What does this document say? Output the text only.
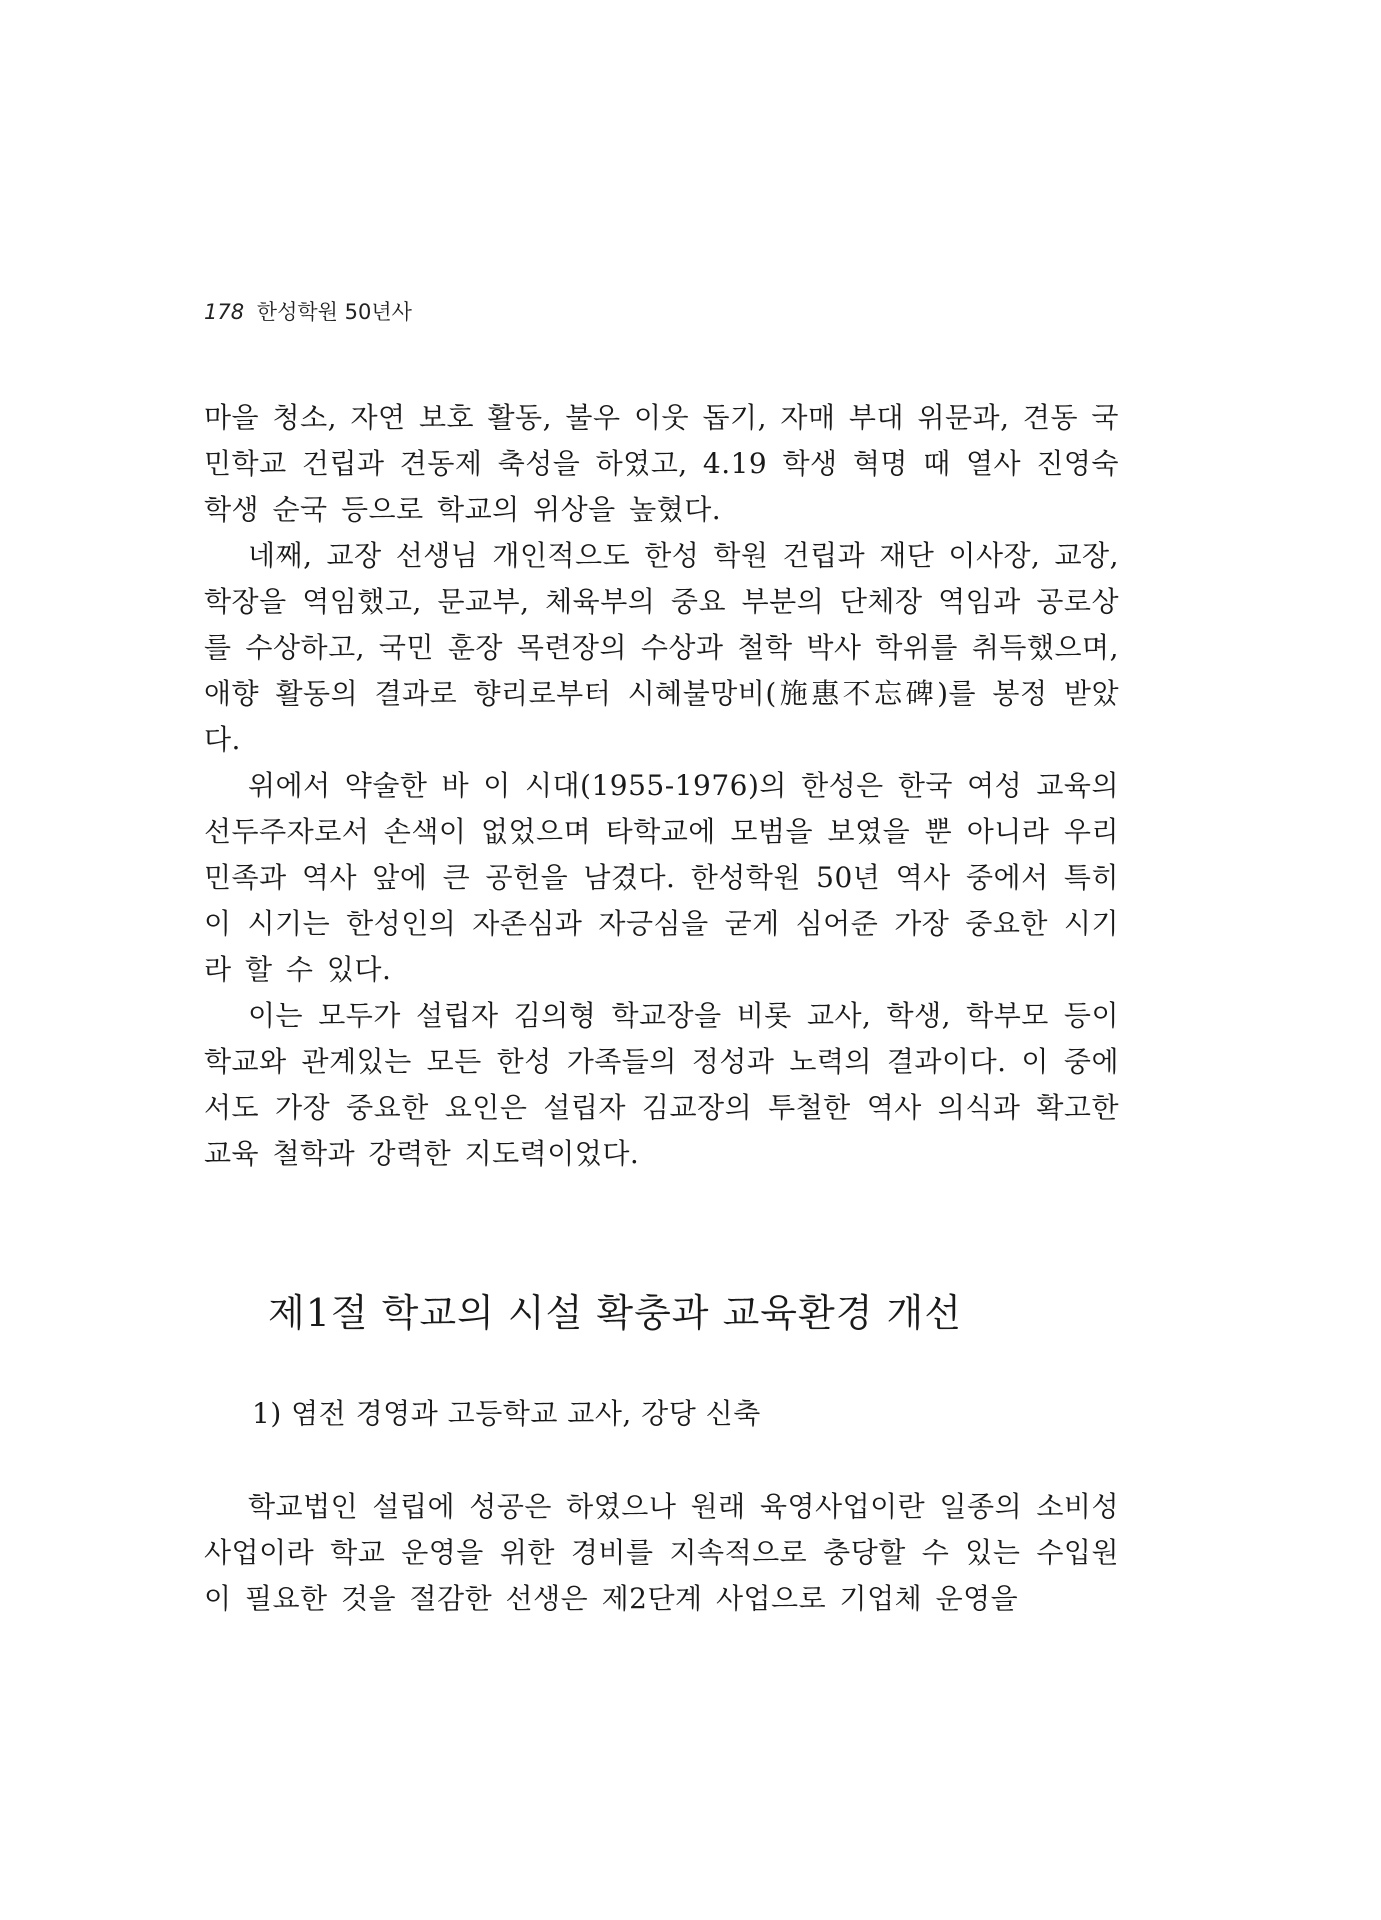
178 한성학원 50년사

마을 청소, 자연 보호 활동, 불우 이웃 돕기, 자매 부대 위문과, 견동 국민학교 건립과 견동제 축성을 하였고, 4.19 학생 혁명 때 열사 진영숙 학생 순국 등으로 학교의 위상을 높혔다.

네째, 교장 선생님 개인적으도 한성 학원 건립과 재단 이사장, 교장, 학장을 역임했고, 문교부, 체육부의 중요 부분의 단체장 역임과 공로상를 수상하고, 국민 훈장 목련장의 수상과 철학 박사 학위를 취득했으며, 애향 활동의 결과로 향리로부터 시혜불망비(施惠不忘碑)를 봉정 받았다.

위에서 약술한 바 이 시대(1955-1976)의 한성은 한국 여성 교육의 선두주자로서 손색이 없었으며 타학교에 모범을 보였을 뿐 아니라 우리 민족과 역사 앞에 큰 공헌을 남겼다. 한성학원 50년 역사 중에서 특히 이 시기는 한성인의 자존심과 자긍심을 굳게 심어준 가장 중요한 시기라 할 수 있다.

이는 모두가 설립자 김의형 학교장을 비롯 교사, 학생, 학부모 등이 학교와 관계있는 모든 한성 가족들의 정성과 노력의 결과이다. 이 중에서도 가장 중요한 요인은 설립자 김교장의 투철한 역사 의식과 확고한 교육 철학과 강력한 지도력이었다.

제1절 학교의 시설 확충과 교육환경 개선
1) 염전 경영과 고등학교 교사, 강당 신축

학교법인 설립에 성공은 하였으나 원래 육영사업이란 일종의 소비성 사업이라 학교 운영을 위한 경비를 지속적으로 충당할 수 있는 수입원이 필요한 것을 절감한 선생은 제2단계 사업으로 기업체 운영을
